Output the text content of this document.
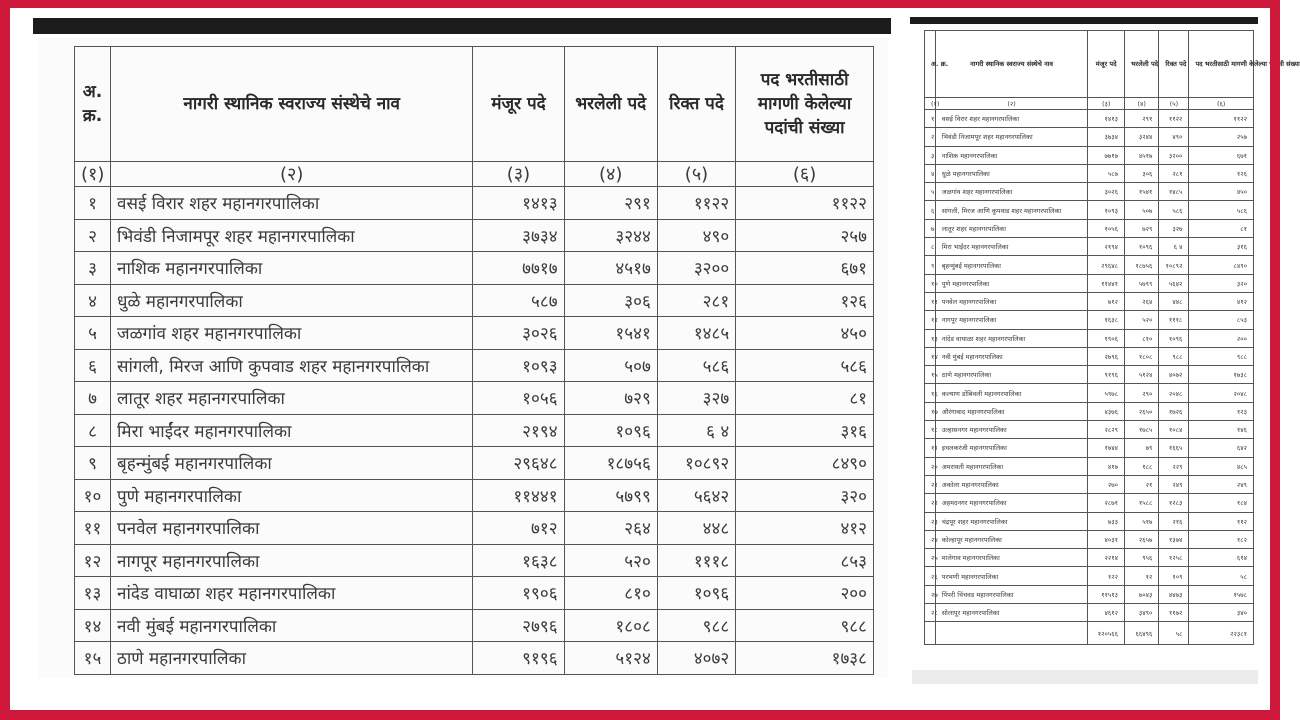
अ. क्र.	नागरी स्थानिक स्वराज्य संस्थेचे नाव	मंजूर पदे	भरलेली पदे	रिक्त पदे	पद भरतीसाठी मागणी केलेल्या पदांची संख्या
(१)	(२)	(३)	(४)	(५)	(६)
१	वसई विरार शहर महानगरपालिका	१४१३	२९१	११२२	११२२
२	भिवंडी निजामपूर शहर महानगरपालिका	३७३४	३२४४	४९०	२५७
३	नाशिक महानगरपालिका	७७१७	४५१७	३२००	६७१
४	धुळे महानगरपालिका	५८७	३०६	२८१	१२६
५	जळगांव शहर महानगरपालिका	३०२६	१५४१	१४८५	४५०
६	सांगली, मिरज आणि कुपवाड शहर महानगरपालिका	१०९३	५०७	५८६	५८६
७	लातूर शहर महानगरपालिका	१०५६	७२९	३२७	८१
८	मिरा भाईंदर महानगरपालिका	२१९४	१०९६	६ ४	३१६
९	बृहन्मुंबई महानगरपालिका	२९६४८	१८७५६	१०८९२	८४९०
१०	पुणे महानगरपालिका	११४४१	५७९९	५६४२	३२०
११	पनवेल महानगरपालिका	७१२	२६४	४४८	४१२
१२	नागपूर महानगरपालिका	१६३८	५२०	१११८	८५३
१३	नांदेड वाघाळा शहर महानगरपालिका	१९०६	८१०	१०९६	२००
१४	नवी मुंबई महानगरपालिका	२७९६	१८०८	९८८	९८८
१५	ठाणे महानगरपालिका	९१९६	५१२४	४०७२	१७३८
अ. क्र.	नागरी स्थानिक स्वराज्य संस्थेचे नाव	मंजूर पदे	भरलेली पदे	रिक्त पदे	पद भरतीसाठी मागणी केलेल्या पदांची संख्या
(१)	(२)	(३)	(४)	(५)	(६)
१	वसई विरार शहर महानगरपालिका	१४१३	२९१	११२२	११२२
२	भिवंडी निजामपूर शहर महानगरपालिका	३७३४	३२४४	४९०	२५७
३	नाशिक महानगरपालिका	७७१७	४५१७	३२००	६७१
४	धुळे महानगरपालिका	५८७	३०६	२८१	१२६
५	जळगांव शहर महानगरपालिका	३०२६	१५४१	१४८५	४५०
६	सांगली, मिरज आणि कुपवाड शहर महानगरपालिका	१०९३	५०७	५८६	५८६
७	लातूर शहर महानगरपालिका	१०५६	७२९	३२७	८१
८	मिरा भाईंदर महानगरपालिका	२१९४	१०९६	६ ४	३१६
९	बृहन्मुंबई महानगरपालिका	२९६४८	१८७५६	१०८९२	८४९०
१०	पुणे महानगरपालिका	११४४१	५७९९	५६४२	३२०
११	पनवेल महानगरपालिका	७१२	२६४	४४८	४१२
१२	नागपूर महानगरपालिका	१६३८	५२०	१११८	८५३
१३	नांदेड वाघाळा शहर महानगरपालिका	१९०६	८१०	१०९६	२००
१४	नवी मुंबई महानगरपालिका	२७९६	१८०८	९८८	९८८
१५	ठाणे महानगरपालिका	९१९६	५१२४	४०७२	१७३८
१६	कल्याण डोंबिवली महानगरपालिका	५९७८	२९०	२०४८	२०४८
१७	औरंगाबाद महानगरपालिका	४३७६	२६५०	१७२६	१२३
१८	उल्हासनगर महानगरपालिका	२८२९	१७८५	१०८४	१४६
१९	इचलकरंजी महानगरपालिका	१७४४	७९	१६६५	६४२
२०	अमरावती महानगरपालिका	४१७	१८८	२२९	४८५
२१	अकोला महानगरपालिका	२७०	२१	२४९	२४९
२२	अहमदनगर महानगरपालिका	२८७१	१५८८	१२८३	१८४
२३	चंद्रपूर शहर महानगरपालिका	७३३	५१७	२१६	११२
२४	कोल्हापूर महानगरपालिका	४०३१	२६५७	१३७४	१८२
२५	मालेगाव महानगरपालिका	२२१४	९५६	१२५८	६१४
२६	परभणी महानगरपालिका	१२२	१२	१०९	५८
२७	पिंपरी चिंचवड महानगरपालिका	११५१३	७०४३	४४७३	१५७८
२८	सोलापूर महानगरपालिका	४६१२	३४९०	११७२	३४०
		१२०५६६	६६४९६	५८	२२३८१
